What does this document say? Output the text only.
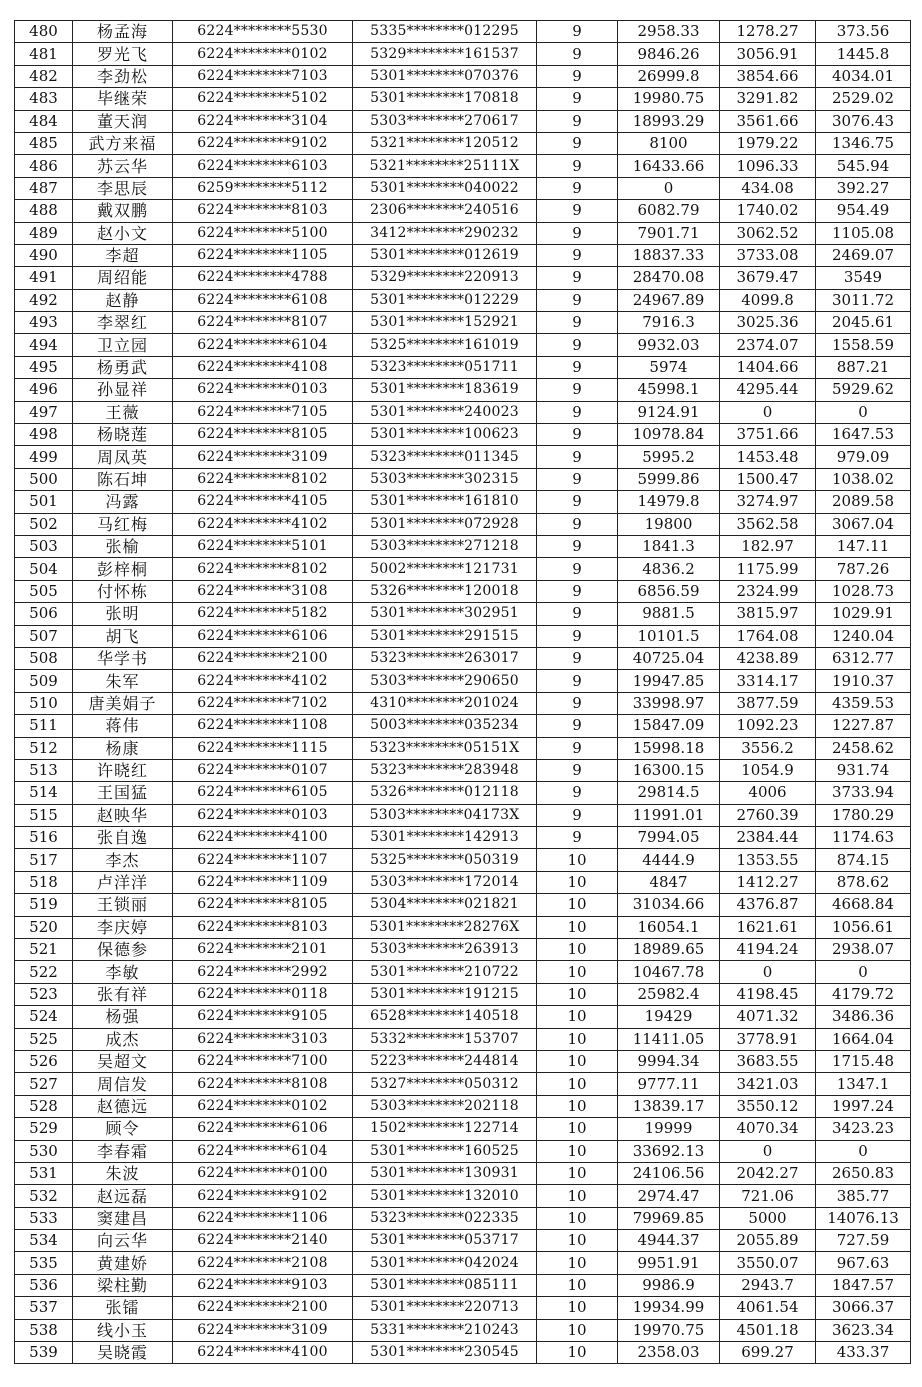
480	杨孟海	6224********5530	5335********012295	9	2958.33	1278.27	373.56
481	罗光飞	6224********0102	5329********161537	9	9846.26	3056.91	1445.8
482	李劲松	6224********7103	5301********070376	9	26999.8	3854.66	4034.01
483	毕继荣	6224********5102	5301********170818	9	19980.75	3291.82	2529.02
484	董天润	6224********3104	5303********270617	9	18993.29	3561.66	3076.43
485	武方来福	6224********9102	5321********120512	9	8100	1979.22	1346.75
486	苏云华	6224********6103	5321********25111X	9	16433.66	1096.33	545.94
487	李思辰	6259********5112	5301********040022	9	0	434.08	392.27
488	戴双鹏	6224********8103	2306********240516	9	6082.79	1740.02	954.49
489	赵小文	6224********5100	3412********290232	9	7901.71	3062.52	1105.08
490	李超	6224********1105	5301********012619	9	18837.33	3733.08	2469.07
491	周绍能	6224********4788	5329********220913	9	28470.08	3679.47	3549
492	赵静	6224********6108	5301********012229	9	24967.89	4099.8	3011.72
493	李翠红	6224********8107	5301********152921	9	7916.3	3025.36	2045.61
494	卫立园	6224********6104	5325********161019	9	9932.03	2374.07	1558.59
495	杨勇武	6224********4108	5323********051711	9	5974	1404.66	887.21
496	孙显祥	6224********0103	5301********183619	9	45998.1	4295.44	5929.62
497	王薇	6224********7105	5301********240023	9	9124.91	0	0
498	杨晓莲	6224********8105	5301********100623	9	10978.84	3751.66	1647.53
499	周凤英	6224********3109	5323********011345	9	5995.2	1453.48	979.09
500	陈石坤	6224********8102	5303********302315	9	5999.86	1500.47	1038.02
501	冯露	6224********4105	5301********161810	9	14979.8	3274.97	2089.58
502	马红梅	6224********4102	5301********072928	9	19800	3562.58	3067.04
503	张榆	6224********5101	5303********271218	9	1841.3	182.97	147.11
504	彭梓桐	6224********8102	5002********121731	9	4836.2	1175.99	787.26
505	付怀栋	6224********3108	5326********120018	9	6856.59	2324.99	1028.73
506	张明	6224********5182	5301********302951	9	9881.5	3815.97	1029.91
507	胡飞	6224********6106	5301********291515	9	10101.5	1764.08	1240.04
508	华学书	6224********2100	5323********263017	9	40725.04	4238.89	6312.77
509	朱军	6224********4102	5303********290650	9	19947.85	3314.17	1910.37
510	唐美娟子	6224********7102	4310********201024	9	33998.97	3877.59	4359.53
511	蒋伟	6224********1108	5003********035234	9	15847.09	1092.23	1227.87
512	杨康	6224********1115	5323********05151X	9	15998.18	3556.2	2458.62
513	许晓红	6224********0107	5323********283948	9	16300.15	1054.9	931.74
514	王国猛	6224********6105	5326********012118	9	29814.5	4006	3733.94
515	赵映华	6224********0103	5303********04173X	9	11991.01	2760.39	1780.29
516	张自逸	6224********4100	5301********142913	9	7994.05	2384.44	1174.63
517	李杰	6224********1107	5325********050319	10	4444.9	1353.55	874.15
518	卢洋洋	6224********1109	5303********172014	10	4847	1412.27	878.62
519	王锁丽	6224********8105	5304********021821	10	31034.66	4376.87	4668.84
520	李庆婷	6224********8103	5301********28276X	10	16054.1	1621.61	1056.61
521	保德参	6224********2101	5303********263913	10	18989.65	4194.24	2938.07
522	李敏	6224********2992	5301********210722	10	10467.78	0	0
523	张有祥	6224********0118	5301********191215	10	25982.4	4198.45	4179.72
524	杨强	6224********9105	6528********140518	10	19429	4071.32	3486.36
525	成杰	6224********3103	5332********153707	10	11411.05	3778.91	1664.04
526	吴超文	6224********7100	5223********244814	10	9994.34	3683.55	1715.48
527	周信发	6224********8108	5327********050312	10	9777.11	3421.03	1347.1
528	赵德远	6224********0102	5303********202118	10	13839.17	3550.12	1997.24
529	顾令	6224********6106	1502********122714	10	19999	4070.34	3423.23
530	李春霜	6224********6104	5301********160525	10	33692.13	0	0
531	朱波	6224********0100	5301********130931	10	24106.56	2042.27	2650.83
532	赵远磊	6224********9102	5301********132010	10	2974.47	721.06	385.77
533	窦建昌	6224********1106	5323********022335	10	79969.85	5000	14076.13
534	向云华	6224********2140	5301********053717	10	4944.37	2055.89	727.59
535	黄建娇	6224********2108	5301********042024	10	9951.91	3550.07	967.63
536	梁柱勤	6224********9103	5301********085111	10	9986.9	2943.7	1847.57
537	张镭	6224********2100	5301********220713	10	19934.99	4061.54	3066.37
538	线小玉	6224********3109	5331********210243	10	19970.75	4501.18	3623.34
539	吴晓霞	6224********4100	5301********230545	10	2358.03	699.27	433.37
